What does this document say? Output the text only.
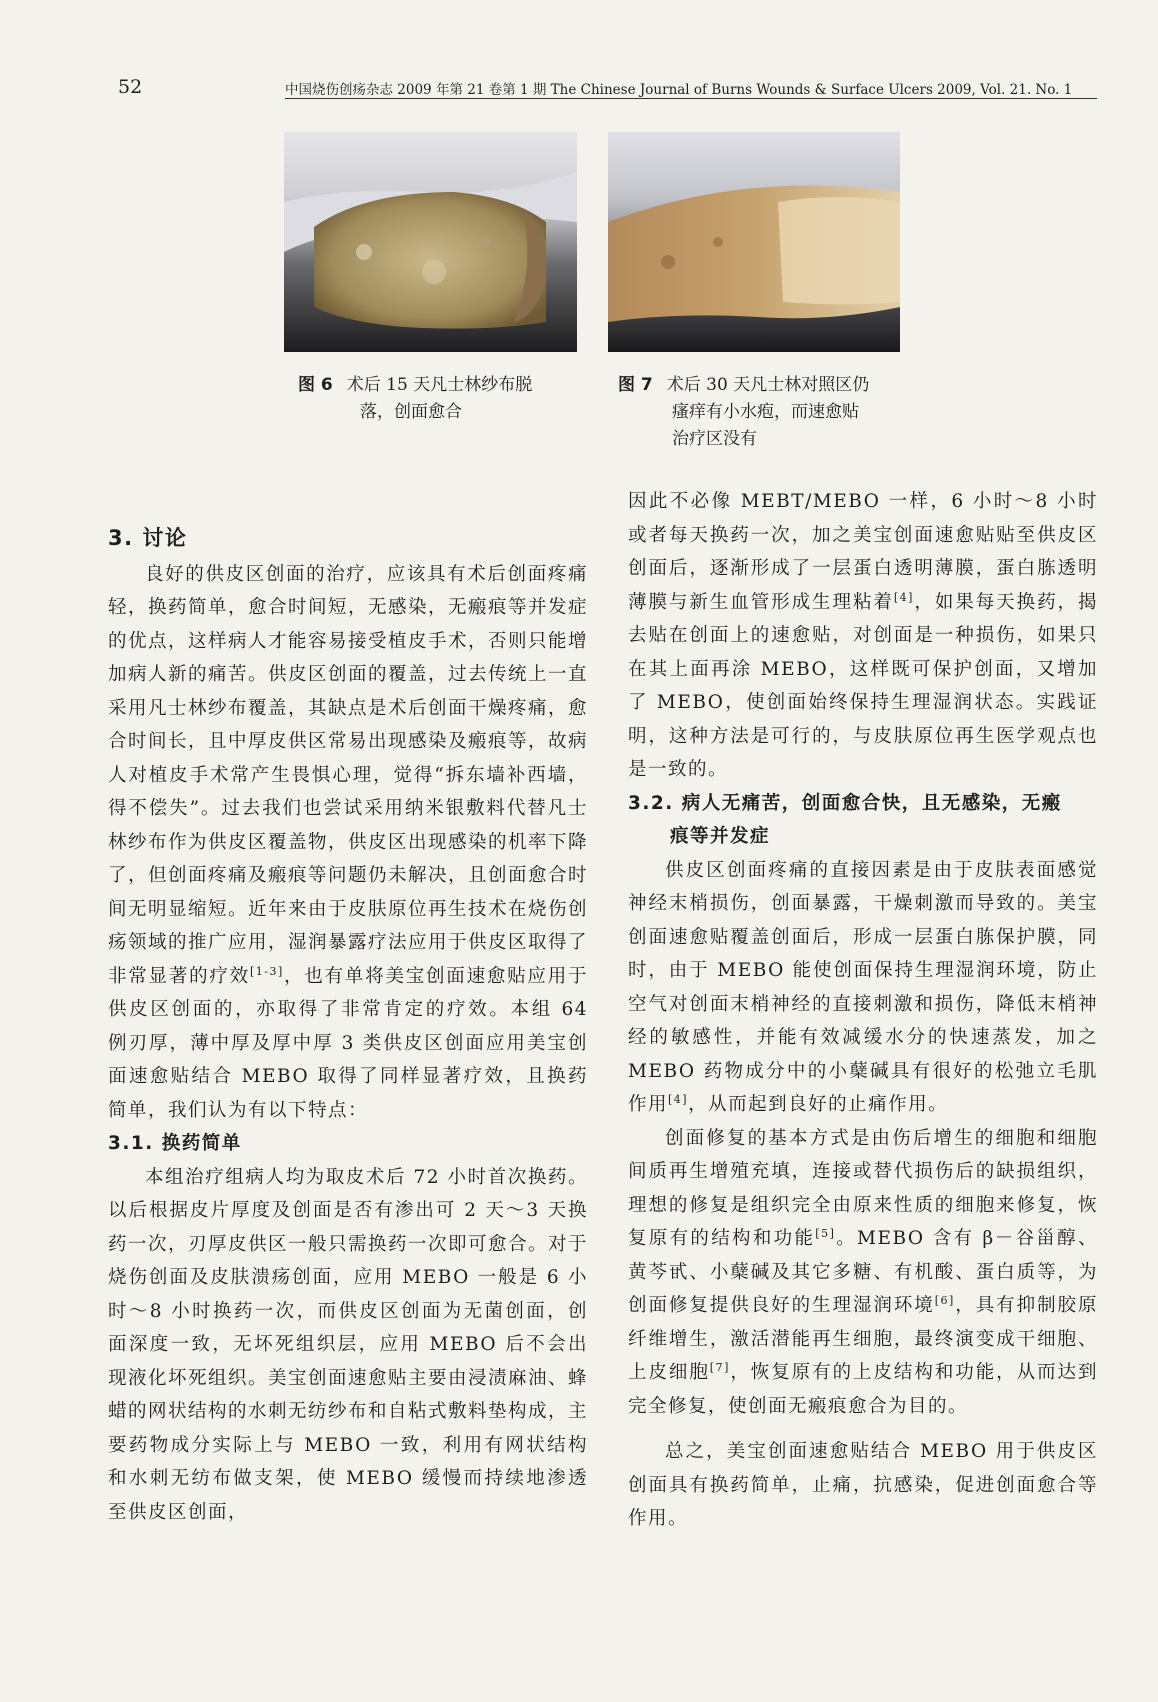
52	中国烧伤创疡杂志 2009 年第 21 卷第 1 期 The Chinese Journal of Burns Wounds & Surface Ulcers 2009, Vol. 21. No. 1
图 6 术后 15 天凡士林纱布脱
落，创面愈合
图 7 术后 30 天凡士林对照区仍
瘙痒有小水疱，而速愈贴
治疗区没有

3. 讨论

良好的供皮区创面的治疗，应该具有术后创面疼痛轻，换药简单，愈合时间短，无感染，无瘢痕等并发症的优点，这样病人才能容易接受植皮手术，否则只能增加病人新的痛苦。供皮区创面的覆盖，过去传统上一直采用凡士林纱布覆盖，其缺点是术后创面干燥疼痛，愈合时间长，且中厚皮供区常易出现感染及瘢痕等，故病人对植皮手术常产生畏惧心理，觉得“拆东墙补西墙，得不偿失”。过去我们也尝试采用纳米银敷料代替凡士林纱布作为供皮区覆盖物，供皮区出现感染的机率下降了，但创面疼痛及瘢痕等问题仍未解决，且创面愈合时间无明显缩短。近年来由于皮肤原位再生技术在烧伤创疡领域的推广应用，湿润暴露疗法应用于供皮区取得了非常显著的疗效[1-3]，也有单将美宝创面速愈贴应用于供皮区创面的，亦取得了非常肯定的疗效。本组 64 例刃厚，薄中厚及厚中厚 3 类供皮区创面应用美宝创面速愈贴结合 MEBO 取得了同样显著疗效，且换药简单，我们认为有以下特点：

3.1. 换药简单

本组治疗组病人均为取皮术后 72 小时首次换药。以后根据皮片厚度及创面是否有渗出可 2 天～3 天换药一次，刃厚皮供区一般只需换药一次即可愈合。对于烧伤创面及皮肤溃疡创面，应用 MEBO 一般是 6 小时～8 小时换药一次，而供皮区创面为无菌创面，创面深度一致，无坏死组织层，应用 MEBO 后不会出现液化坏死组织。美宝创面速愈贴主要由浸渍麻油、蜂蜡的网状结构的水刺无纺纱布和自粘式敷料垫构成，主要药物成分实际上与 MEBO 一致，利用有网状结构和水刺无纺布做支架，使 MEBO 缓慢而持续地渗透至供皮区创面，

因此不必像 MEBT/MEBO 一样，6 小时～8 小时或者每天换药一次，加之美宝创面速愈贴贴至供皮区创面后，逐渐形成了一层蛋白透明薄膜，蛋白胨透明薄膜与新生血管形成生理粘着[4]，如果每天换药，揭去贴在创面上的速愈贴，对创面是一种损伤，如果只在其上面再涂 MEBO，这样既可保护创面，又增加了 MEBO，使创面始终保持生理湿润状态。实践证明，这种方法是可行的，与皮肤原位再生医学观点也是一致的。

3.2. 病人无痛苦，创面愈合快，且无感染，无瘢
痕等并发症

供皮区创面疼痛的直接因素是由于皮肤表面感觉神经末梢损伤，创面暴露，干燥刺激而导致的。美宝创面速愈贴覆盖创面后，形成一层蛋白胨保护膜，同时，由于 MEBO 能使创面保持生理湿润环境，防止空气对创面末梢神经的直接刺激和损伤，降低末梢神经的敏感性，并能有效减缓水分的快速蒸发，加之 MEBO 药物成分中的小蘖碱具有很好的松弛立毛肌作用[4]，从而起到良好的止痛作用。

创面修复的基本方式是由伤后增生的细胞和细胞间质再生增殖充填，连接或替代损伤后的缺损组织，理想的修复是组织完全由原来性质的细胞来修复，恢复原有的结构和功能[5]。MEBO 含有 β－谷甾醇、黄芩甙、小蘖碱及其它多糖、有机酸、蛋白质等，为创面修复提供良好的生理湿润环境[6]，具有抑制胶原纤维增生，激活潜能再生细胞，最终演变成干细胞、上皮细胞[7]，恢复原有的上皮结构和功能，从而达到完全修复，使创面无瘢痕愈合为目的。

总之，美宝创面速愈贴结合 MEBO 用于供皮区创面具有换药简单，止痛，抗感染，促进创面愈合等作用。
